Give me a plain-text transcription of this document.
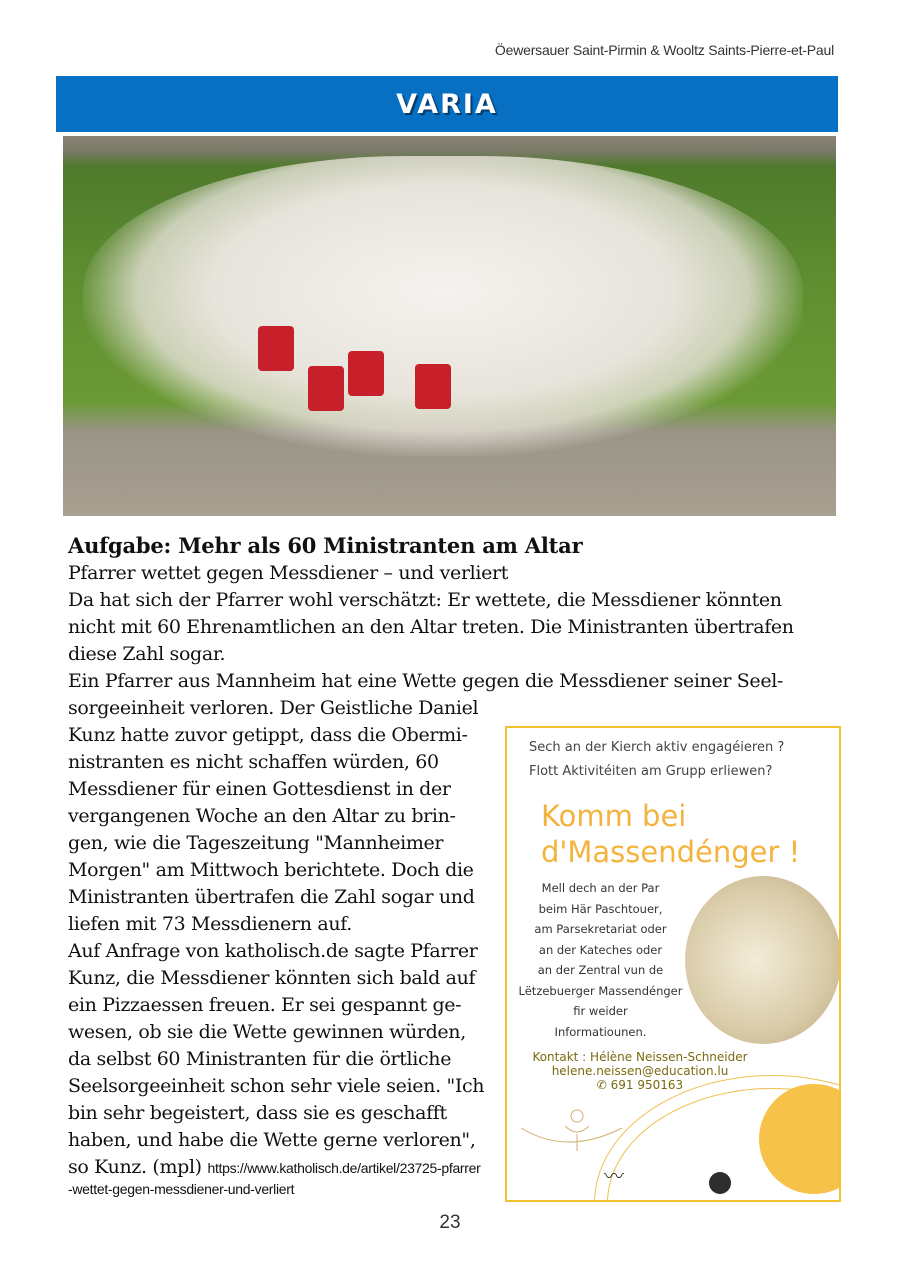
Öewersauer Saint-Pirmin & Wooltz Saints-Pierre-et-Paul
VARIA
Aufgabe: Mehr als 60 Ministranten am Altar
Pfarrer wettet gegen Messdiener – und verliert
Da hat sich der Pfarrer wohl verschätzt: Er wettete, die Messdiener könnten
nicht mit 60 Ehrenamtlichen an den Altar treten. Die Ministranten übertrafen
diese Zahl sogar.
Ein Pfarrer aus Mannheim hat eine Wette gegen die Messdiener seiner Seel-
sorgeeinheit verloren. Der Geistliche Daniel
Kunz hatte zuvor getippt, dass die Obermi-
nistranten es nicht schaffen würden, 60
Messdiener für einen Gottesdienst in der
vergangenen Woche an den Altar zu brin-
gen, wie die Tageszeitung "Mannheimer
Morgen" am Mittwoch berichtete. Doch die
Ministranten übertrafen die Zahl sogar und
liefen mit 73 Messdienern auf.
Auf Anfrage von katholisch.de sagte Pfarrer
Kunz, die Messdiener könnten sich bald auf
ein Pizzaessen freuen. Er sei gespannt ge-
wesen, ob sie die Wette gewinnen würden,
da selbst 60 Ministranten für die örtliche
Seelsorgeeinheit schon sehr viele seien. "Ich
bin sehr begeistert, dass sie es geschafft
haben, und habe die Wette gerne verloren",
so Kunz. (mpl) https://www.katholisch.de/artikel/23725-pfarrer
-wettet-gegen-messdiener-und-verliert
Sech an der Kierch aktiv engagéieren ?
Flott Aktivitéiten am Grupp erliewen?
Komm bei
d'Massendénger !
Mell dech an der Par
beim Här Paschtouer,
am Parsekretariat oder
an der Kateches oder
an der Zentral vun de
Lëtzebuerger Massendénger
fir weider
Informatiounen.
Kontakt : Hélène Neissen-Schneider
helene.neissen@education.lu
✆ 691 950163
〰
23
